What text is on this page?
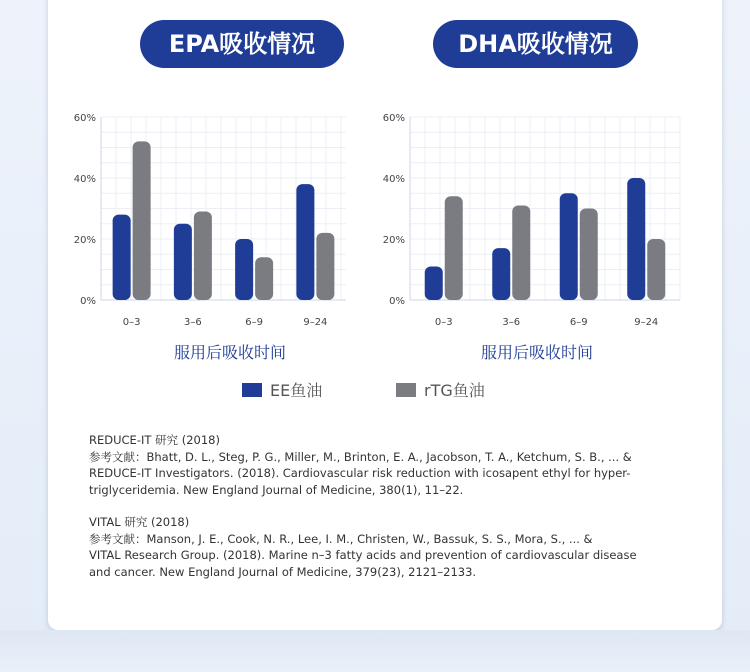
EPA吸收情况	DHA吸收情况
0%
20%
40%
60%
0–3	3–6	6–9	9–24
0%
20%
40%
60%
0–3	3–6	6–9	9–24
服用后吸收时间	服用后吸收时间
EE鱼油	rTG鱼油
REDUCE-IT 研究 (2018)
参考文献：Bhatt, D. L., Steg, P. G., Miller, M., Brinton, E. A., Jacobson, T. A., Ketchum, S. B., ... &
REDUCE-IT Investigators. (2018). Cardiovascular risk reduction with icosapent ethyl for hyper-
triglyceridemia. New England Journal of Medicine, 380(1), 11–22.
VITAL 研究 (2018)
参考文献：Manson, J. E., Cook, N. R., Lee, I. M., Christen, W., Bassuk, S. S., Mora, S., ... &
VITAL Research Group. (2018). Marine n–3 fatty acids and prevention of cardiovascular disease
and cancer. New England Journal of Medicine, 379(23), 2121–2133.
